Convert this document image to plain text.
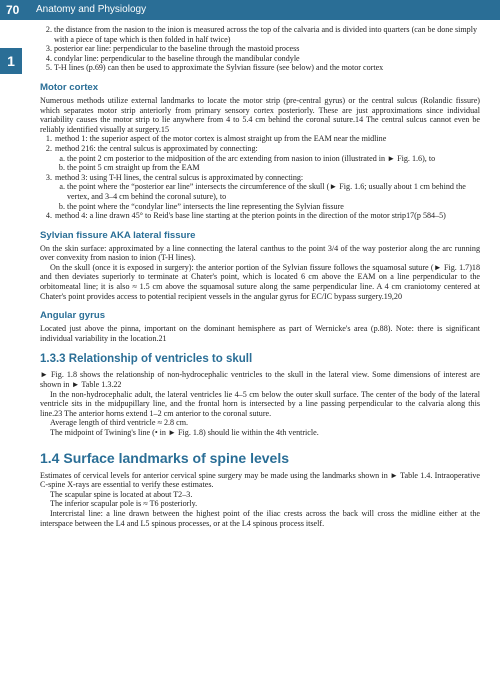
70 Anatomy and Physiology
1
2. the distance from the nasion to the inion is measured across the top of the calvaria and is divided into quarters (can be done simply with a piece of tape which is then folded in half twice)
3. posterior ear line: perpendicular to the baseline through the mastoid process
4. condylar line: perpendicular to the baseline through the mandibular condyle
5. T-H lines (p.69) can then be used to approximate the Sylvian fissure (see below) and the motor cortex
Motor cortex

Numerous methods utilize external landmarks to locate the motor strip (pre-central gyrus) or the central sulcus (Rolandic fissure) which separates motor strip anteriorly from primary sensory cortex posteriorly. These are just approximations since individual variability causes the motor strip to lie anywhere from 4 to 5.4 cm behind the coronal suture.14 The central sulcus cannot even be reliably identified visually at surgery.15

1. method 1: the superior aspect of the motor cortex is almost straight up from the EAM near the midline
2. method 216: the central sulcus is approximated by connecting:
a. the point 2 cm posterior to the midposition of the arc extending from nasion to inion (illustrated in ► Fig. 1.6), to
b. the point 5 cm straight up from the EAM
3. method 3: using T-H lines, the central sulcus is approximated by connecting:
a. the point where the “posterior ear line” intersects the circumference of the skull (► Fig. 1.6; usually about 1 cm behind the vertex, and 3–4 cm behind the coronal suture), to
b. the point where the “condylar line” intersects the line representing the Sylvian fissure
4. method 4: a line drawn 45° to Reid's base line starting at the pterion points in the direction of the motor strip17(p 584–5)
Sylvian fissure AKA lateral fissure

On the skin surface: approximated by a line connecting the lateral canthus to the point 3/4 of the way posterior along the arc running over convexity from nasion to inion (T-H lines).

On the skull (once it is exposed in surgery): the anterior portion of the Sylvian fissure follows the squamosal suture (► Fig. 1.7)18 and then deviates superiorly to terminate at Chater's point, which is located 6 cm above the EAM on a line perpendicular to the orbitomeatal line; it is also ≈ 1.5 cm above the squamosal suture along the same perpendicular line. A 4 cm craniotomy centered at Chater's point provides access to potential recipient vessels in the angular gyrus for EC/IC bypass surgery.19,20

Angular gyrus

Located just above the pinna, important on the dominant hemisphere as part of Wernicke's area (p.88). Note: there is significant individual variability in the location.21

1.3.3 Relationship of ventricles to skull

► Fig. 1.8 shows the relationship of non-hydrocephalic ventricles to the skull in the lateral view. Some dimensions of interest are shown in ► Table 1.3.22

In the non-hydrocephalic adult, the lateral ventricles lie 4–5 cm below the outer skull surface. The center of the body of the lateral ventricle sits in the midpupillary line, and the frontal horn is intersected by a line passing perpendicular to the calvaria along this line.23 The anterior horns extend 1–2 cm anterior to the coronal suture.

Average length of third ventricle ≈ 2.8 cm.

The midpoint of Twining's line (• in ► Fig. 1.8) should lie within the 4th ventricle.

1.4 Surface landmarks of spine levels

Estimates of cervical levels for anterior cervical spine surgery may be made using the landmarks shown in ► Table 1.4. Intraoperative C-spine X-rays are essential to verify these estimates.

The scapular spine is located at about T2–3.

The inferior scapular pole is ≈ T6 posteriorly.

Intercristal line: a line drawn between the highest point of the iliac crests across the back will cross the midline either at the interspace between the L4 and L5 spinous processes, or at the L4 spinous process itself.
